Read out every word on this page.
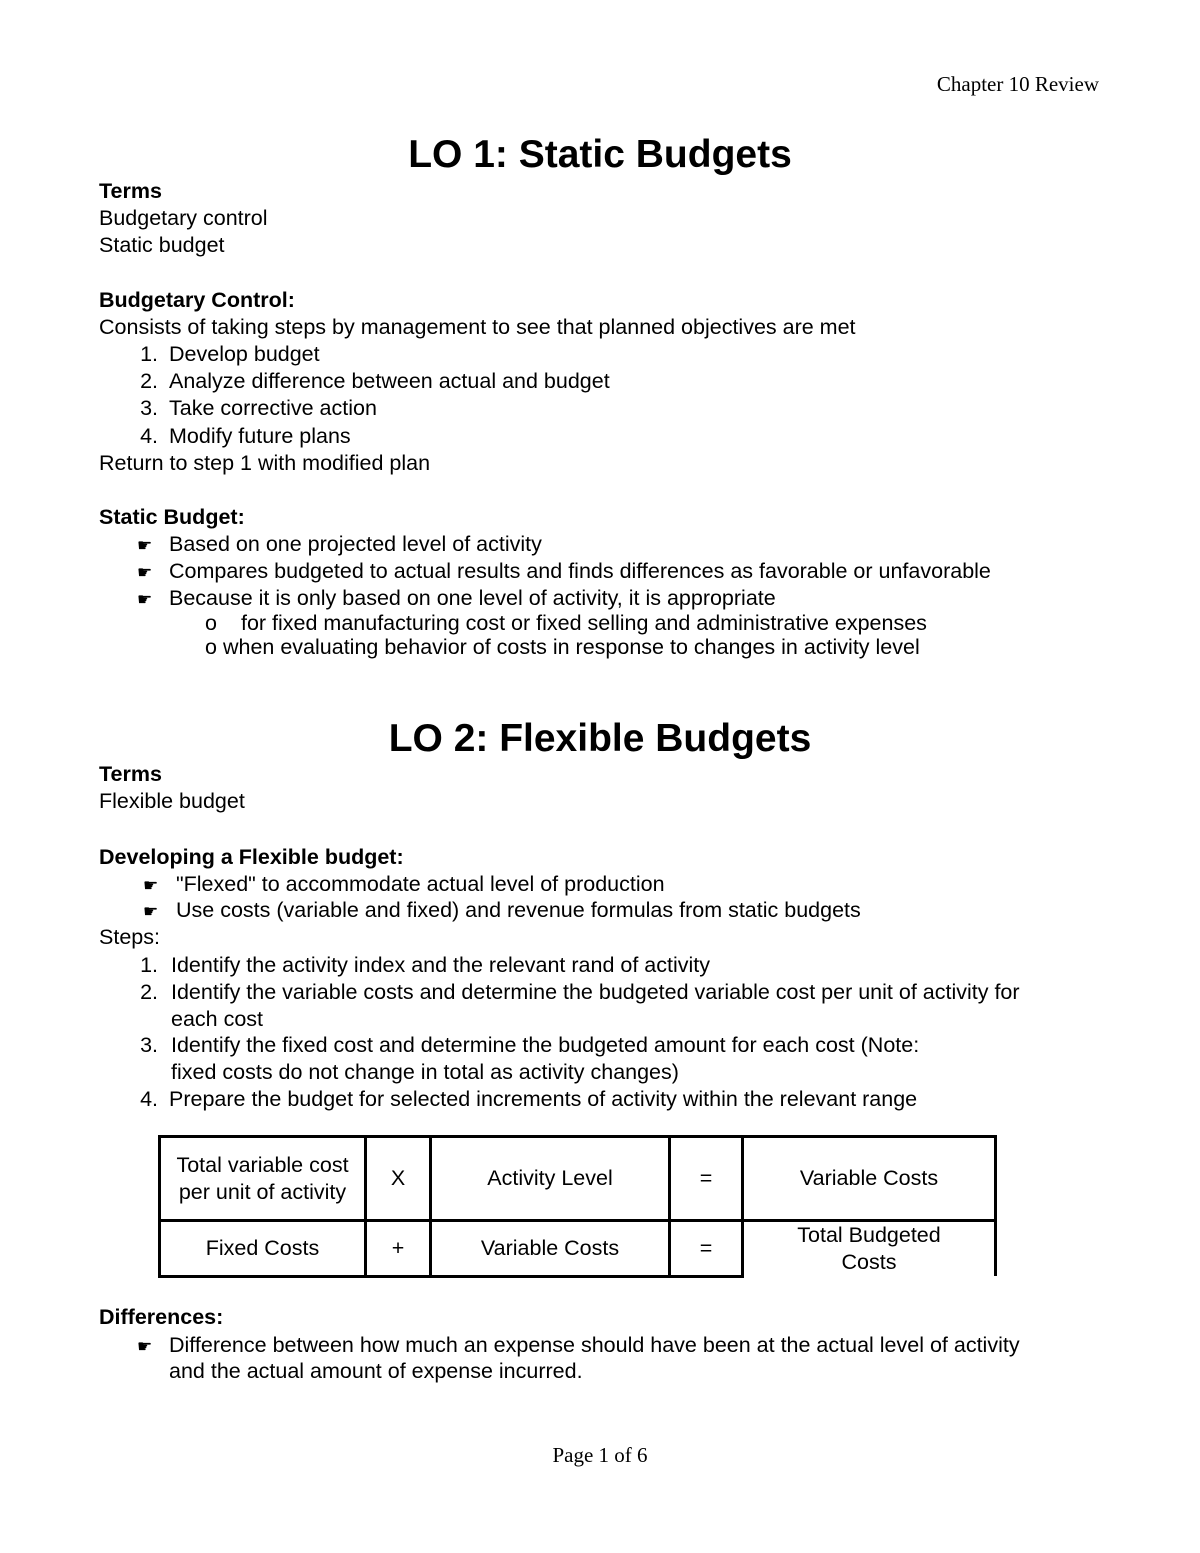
Chapter 10 Review
LO 1: Static Budgets
Terms
Budgetary control
Static budget
Budgetary Control:
Consists of taking steps by management to see that planned objectives are met
1. Develop budget
2. Analyze difference between actual and budget
3. Take corrective action
4. Modify future plans
Return to step 1 with modified plan
Static Budget:
☛ Based on one projected level of activity
☛ Compares budgeted to actual results and finds differences as favorable or unfavorable
☛ Because it is only based on one level of activity, it is appropriate
o for fixed manufacturing cost or fixed selling and administrative expenses
o when evaluating behavior of costs in response to changes in activity level
LO 2: Flexible Budgets
Terms
Flexible budget
Developing a Flexible budget:
☛ "Flexed" to accommodate actual level of production
☛ Use costs (variable and fixed) and revenue formulas from static budgets
Steps:
1. Identify the activity index and the relevant rand of activity
2. Identify the variable costs and determine the budgeted variable cost per unit of activity for
each cost
3. Identify the fixed cost and determine the budgeted amount for each cost (Note:
fixed costs do not change in total as activity changes)
4. Prepare the budget for selected increments of activity within the relevant range
Total variable cost per unit of activity	X	Activity Level	=	Variable Costs
Fixed Costs	+	Variable Costs	=	Total Budgeted Costs
Differences:
☛ Difference between how much an expense should have been at the actual level of activity
and the actual amount of expense incurred.
Page 1 of 6
